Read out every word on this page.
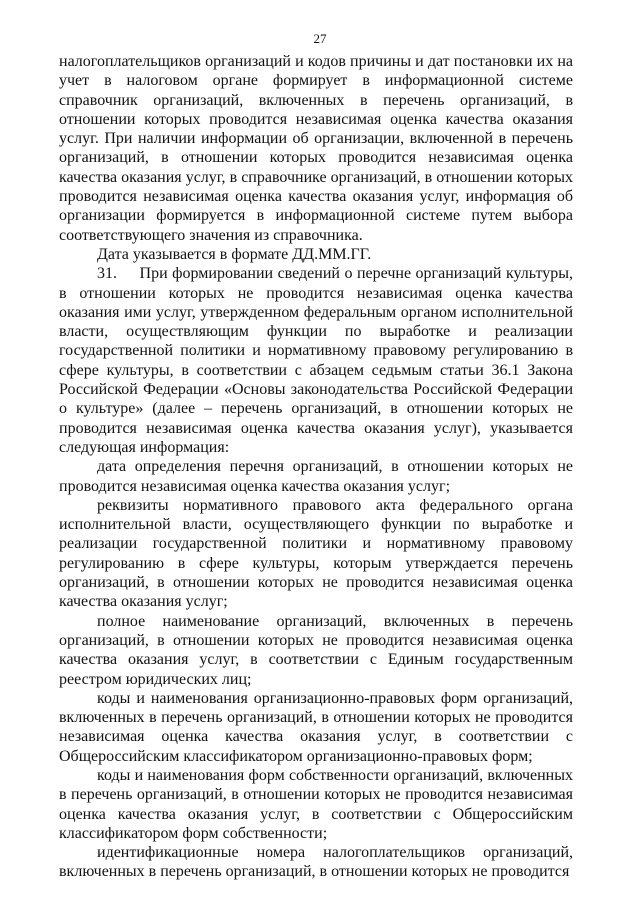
27

налогоплательщиков организаций и кодов причины и дат постановки их на учет в налоговом органе формирует в информационной системе справочник организаций, включенных в перечень организаций, в отношении которых проводится независимая оценка качества оказания услуг. При наличии информации об организации, включенной в перечень организаций, в отношении которых проводится независимая оценка качества оказания услуг, в справочнике организаций, в отношении которых проводится независимая оценка качества оказания услуг, информация об организации формируется в информационной системе путем выбора соответствующего значения из справочника.

Дата указывается в формате ДД.ММ.ГГ.

31.     При формировании сведений о перечне организаций культуры, в отношении которых не проводится независимая оценка качества оказания ими услуг, утвержденном федеральным органом исполнительной власти, осуществляющим функции по выработке и реализации государственной политики и нормативному правовому регулированию в сфере культуры, в соответствии с абзацем седьмым статьи 36.1 Закона Российской Федерации «Основы законодательства Российской Федерации о культуре» (далее – перечень организаций, в отношении которых не проводится независимая оценка качества оказания услуг), указывается следующая информация:

дата определения перечня организаций, в отношении которых не проводится независимая оценка качества оказания услуг;

реквизиты нормативного правового акта федерального органа исполнительной власти, осуществляющего функции по выработке и реализации государственной политики и нормативному правовому регулированию в сфере культуры, которым утверждается перечень организаций, в отношении которых не проводится независимая оценка качества оказания услуг;

полное наименование организаций, включенных в перечень организаций, в отношении которых не проводится независимая оценка качества оказания услуг, в соответствии с Единым государственным реестром юридических лиц;

коды и наименования организационно-правовых форм организаций, включенных в перечень организаций, в отношении которых не проводится независимая оценка качества оказания услуг, в соответствии с Общероссийским классификатором организационно-правовых форм;

коды и наименования форм собственности организаций, включенных в перечень организаций, в отношении которых не проводится независимая оценка качества оказания услуг, в соответствии с Общероссийским классификатором форм собственности;

идентификационные номера налогоплательщиков организаций, включенных в перечень организаций, в отношении которых не проводится
